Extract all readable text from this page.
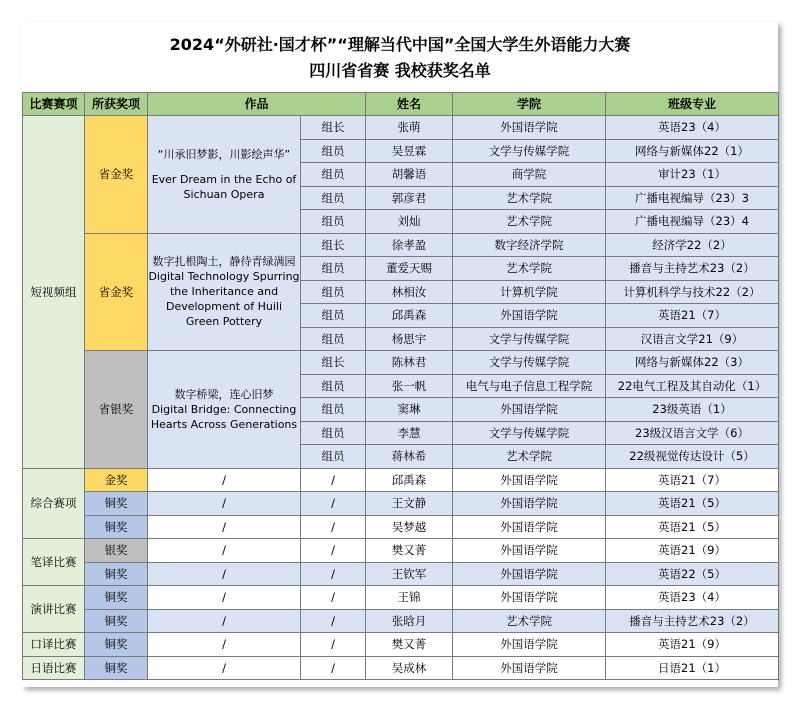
2024“外研社·国才杯”“理解当代中国”全国大学生外语能力大赛
四川省省赛 我校获奖名单
比赛赛项	所获奖项	作品		姓名	学院	班级专业
短视频组	省金奖	“川承旧梦影，川影绘声华”
Ever Dream in the Echo of Sichuan Opera	组长	张萌	外国语学院	英语23（4）
			组员	吴昱霖	文学与传媒学院	网络与新媒体22（1）
			组员	胡馨语	商学院	审计23（1）
			组员	郭彦君	艺术学院	广播电视编导（23）3
			组员	刘灿	艺术学院	广播电视编导（23）4
	省金奖	数字扎根陶土，静待青绿满园
Digital Technology Spurring the Inheritance and Development of Huili Green Pottery	组长	徐孝盈	数字经济学院	经济学22（2）
			组员	董爱天赐	艺术学院	播音与主持艺术23（2）
			组员	林相汝	计算机学院	计算机科学与技术22（2）
			组员	邱禹森	外国语学院	英语21（7）
			组员	杨思宇	文学与传媒学院	汉语言文学21（9）
	省银奖	数字桥梁，连心旧梦
Digital Bridge: Connecting Hearts Across Generations	组长	陈林君	文学与传媒学院	网络与新媒体22（3）
			组员	张一帆	电气与电子信息工程学院	22电气工程及其自动化（1）
			组员	窦琳	外国语学院	23级英语（1）
			组员	李慧	文学与传媒学院	23级汉语言文学（6）
			组员	蒋林希	艺术学院	22级视觉传达设计（5）
综合赛项	金奖	/	/	邱禹森	外国语学院	英语21（7）
	铜奖	/	/	王文静	外国语学院	英语21（5）
	铜奖	/	/	吴梦越	外国语学院	英语21（5）
笔译比赛	银奖	/	/	樊又菁	外国语学院	英语21（9）
	铜奖	/	/	王钦军	外国语学院	英语22（5）
演讲比赛	铜奖	/	/	王锦	外国语学院	英语23（4）
	铜奖	/	/	张晗月	艺术学院	播音与主持艺术23（2）
口译比赛	铜奖	/	/	樊又菁	外国语学院	英语21（9）
日语比赛	铜奖	/	/	吴成林	外国语学院	日语21（1）
